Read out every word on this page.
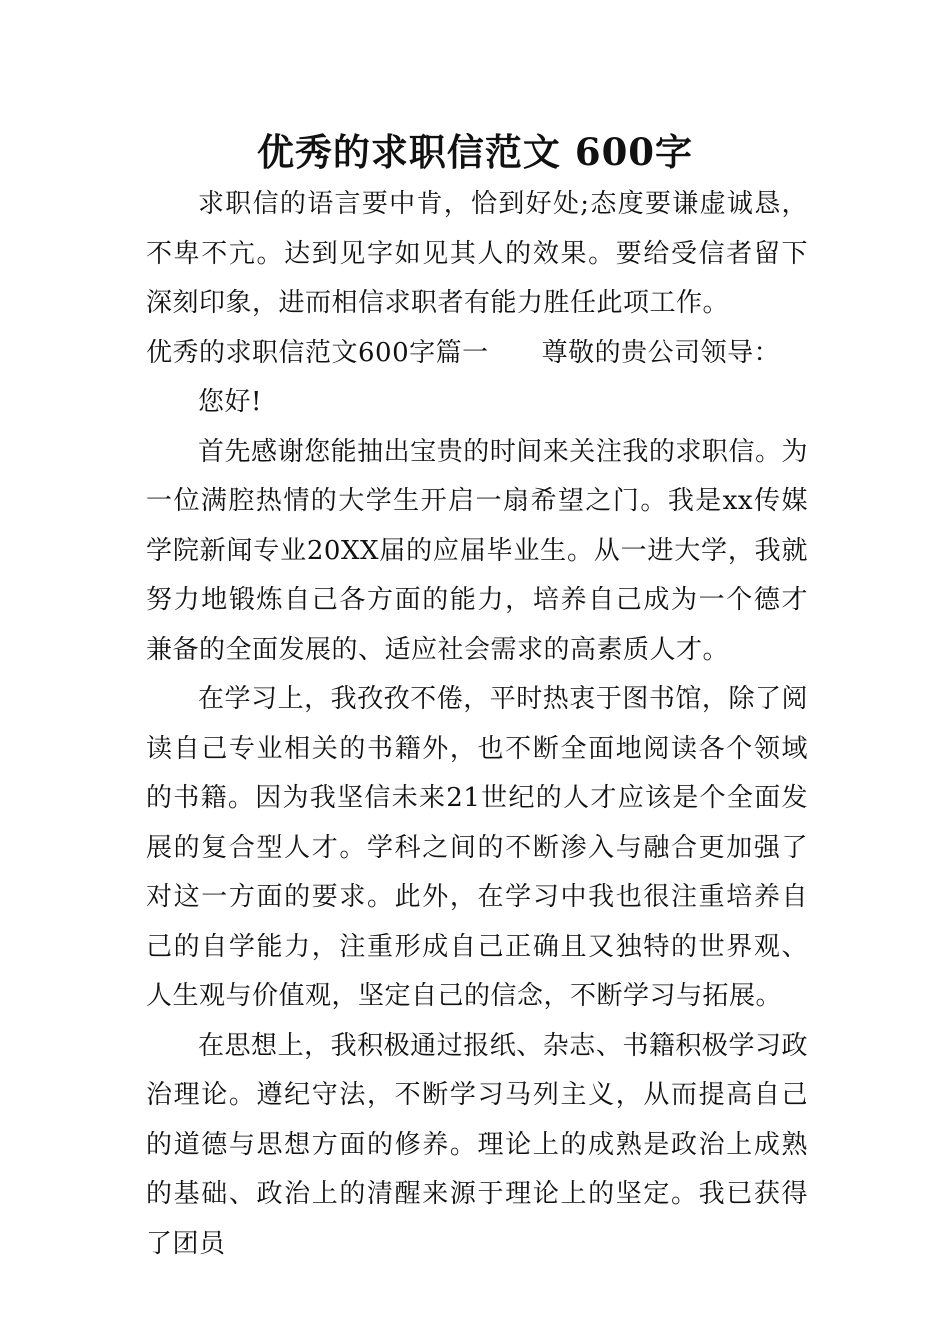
优秀的求职信范文 600字

求职信的语言要中肯，恰到好处;态度要谦虚诚恳，不卑不亢。达到见字如见其人的效果。要给受信者留下深刻印象，进而相信求职者有能力胜任此项工作。

优秀的求职信范文600字篇一　　尊敬的贵公司领导：

您好!

首先感谢您能抽出宝贵的时间来关注我的求职信。为一位满腔热情的大学生开启一扇希望之门。我是xx传媒学院新闻专业20XX届的应届毕业生。从一进大学，我就努力地锻炼自己各方面的能力，培养自己成为一个德才兼备的全面发展的、适应社会需求的高素质人才。

在学习上，我孜孜不倦，平时热衷于图书馆，除了阅读自己专业相关的书籍外，也不断全面地阅读各个领域的书籍。因为我坚信未来21世纪的人才应该是个全面发展的复合型人才。学科之间的不断渗入与融合更加强了对这一方面的要求。此外，在学习中我也很注重培养自己的自学能力，注重形成自己正确且又独特的世界观、人生观与价值观，坚定自己的信念，不断学习与拓展。

在思想上，我积极通过报纸、杂志、书籍积极学习政治理论。遵纪守法，不断学习马列主义，从而提高自己的道德与思想方面的修养。理论上的成熟是政治上成熟的基础、政治上的清醒来源于理论上的坚定。我已获得了团员
